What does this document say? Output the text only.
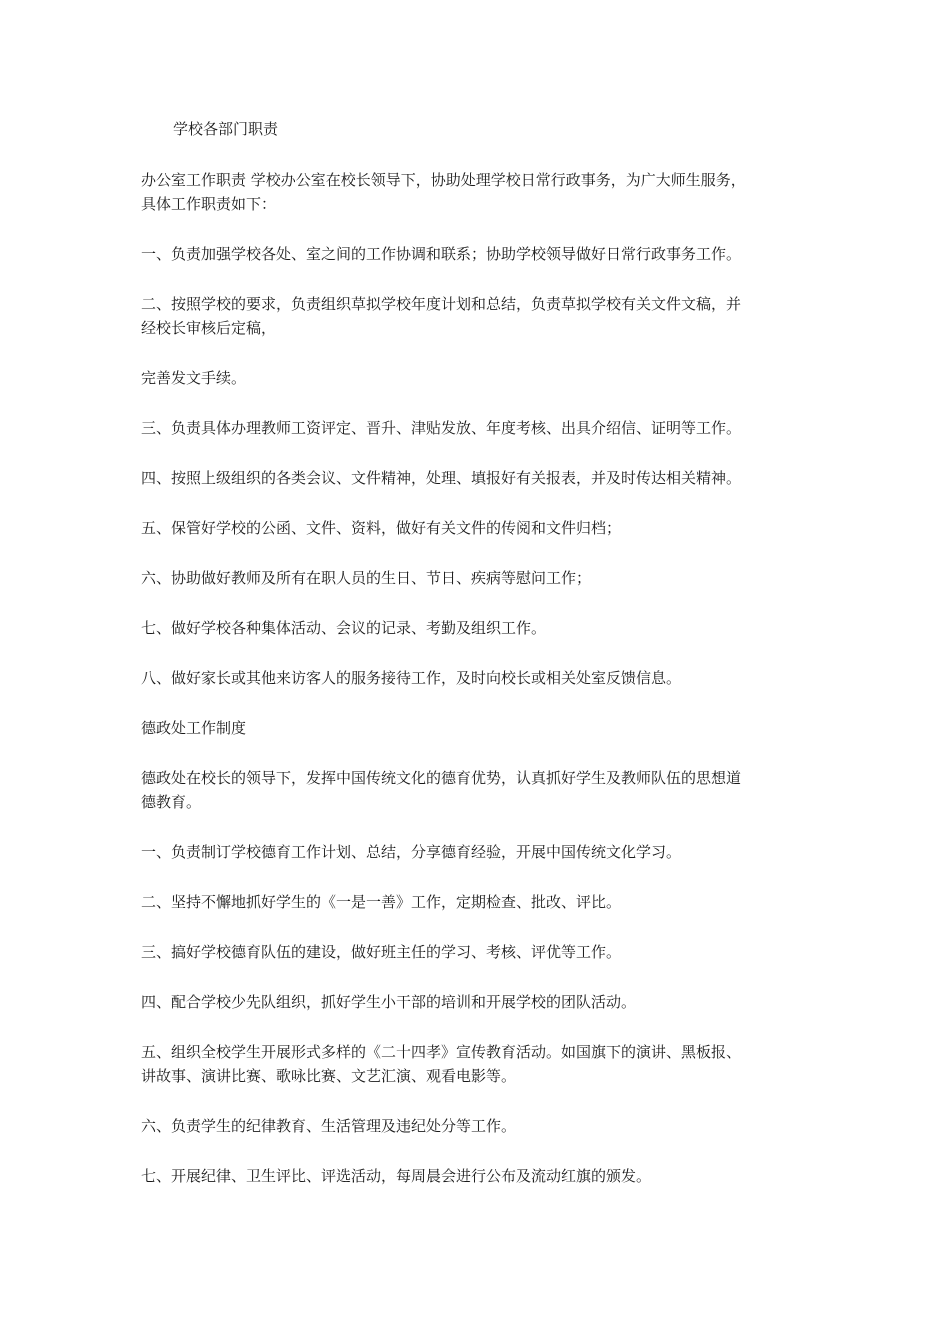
学校各部门职责
办公室工作职责 学校办公室在校长领导下，协助处理学校日常行政事务，为广大师生服务，
具体工作职责如下：
一、负责加强学校各处、室之间的工作协调和联系；协助学校领导做好日常行政事务工作。
二、按照学校的要求，负责组织草拟学校年度计划和总结，负责草拟学校有关文件文稿，并
经校长审核后定稿，
完善发文手续。
三、负责具体办理教师工资评定、晋升、津贴发放、年度考核、出具介绍信、证明等工作。
四、按照上级组织的各类会议、文件精神，处理、填报好有关报表，并及时传达相关精神。
五、保管好学校的公函、文件、资料，做好有关文件的传阅和文件归档；
六、协助做好教师及所有在职人员的生日、节日、疾病等慰问工作；
七、做好学校各种集体活动、会议的记录、考勤及组织工作。
八、做好家长或其他来访客人的服务接待工作，及时向校长或相关处室反馈信息。
德政处工作制度
德政处在校长的领导下，发挥中国传统文化的德育优势，认真抓好学生及教师队伍的思想道
德教育。
一、负责制订学校德育工作计划、总结，分享德育经验，开展中国传统文化学习。
二、坚持不懈地抓好学生的《一是一善》工作，定期检查、批改、评比。
三、搞好学校德育队伍的建设，做好班主任的学习、考核、评优等工作。
四、配合学校少先队组织，抓好学生小干部的培训和开展学校的团队活动。
五、组织全校学生开展形式多样的《二十四孝》宣传教育活动。如国旗下的演讲、黑板报、
讲故事、演讲比赛、歌咏比赛、文艺汇演、观看电影等。
六、负责学生的纪律教育、生活管理及违纪处分等工作。
七、开展纪律、卫生评比、评选活动，每周晨会进行公布及流动红旗的颁发。
